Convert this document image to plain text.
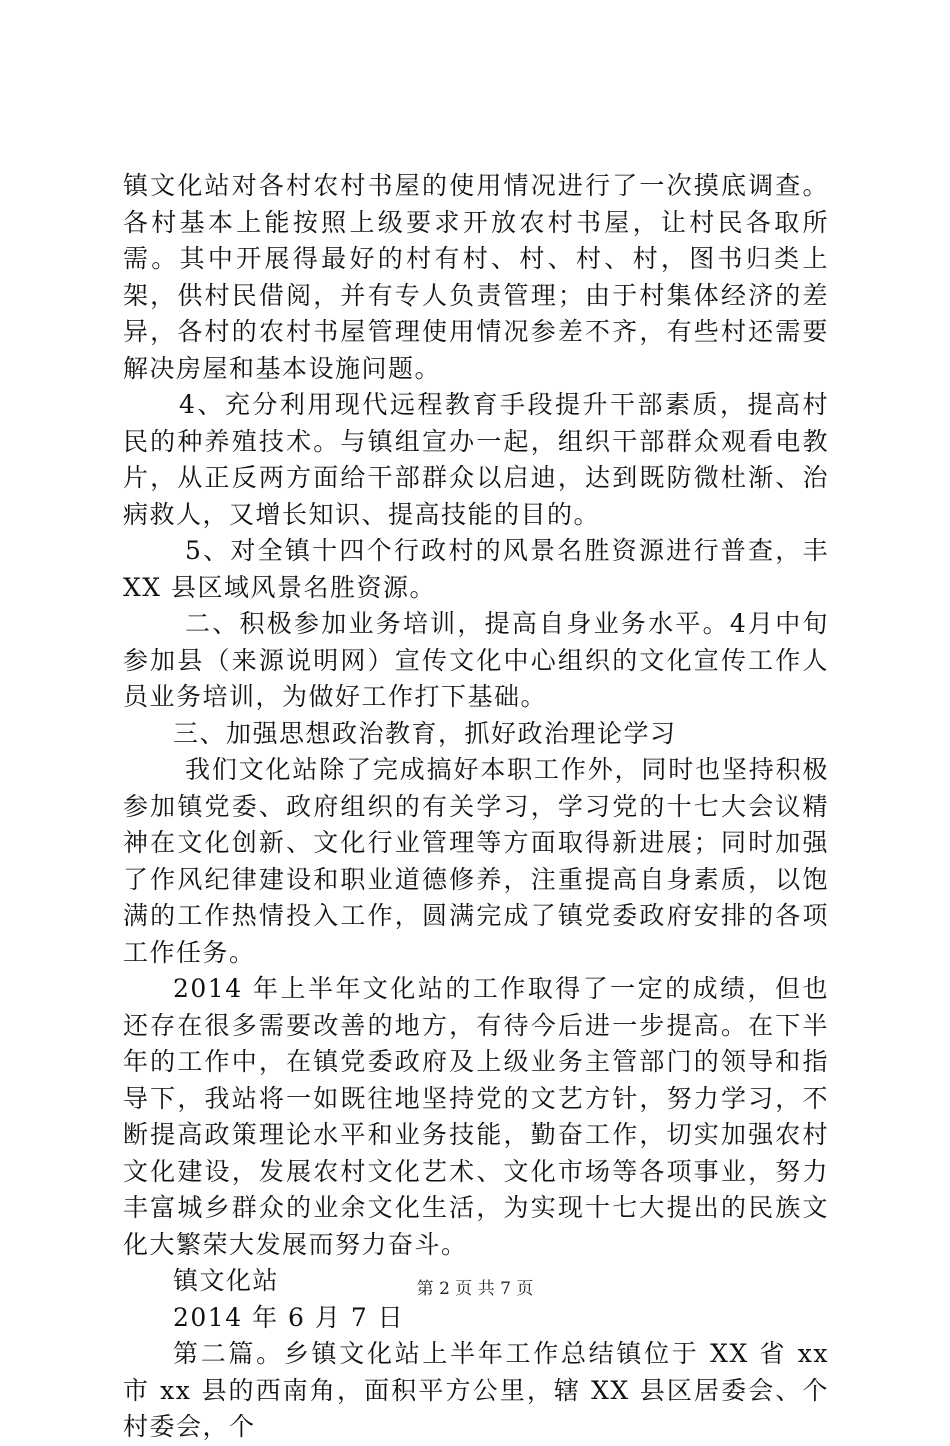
镇文化站对各村农村书屋的使用情况进行了一次摸底调查。各村基本上能按照上级要求开放农村书屋，让村民各取所需。其中开展得最好的村有村、村、村、村，图书归类上架，供村民借阅，并有专人负责管理；由于村集体经济的差异，各村的农村书屋管理使用情况参差不齐，有些村还需要解决房屋和基本设施问题。

4、充分利用现代远程教育手段提升干部素质，提高村民的种养殖技术。与镇组宣办一起，组织干部群众观看电教片，从正反两方面给干部群众以启迪，达到既防微杜渐、治病救人，又增长知识、提高技能的目的。

5、对全镇十四个行政村的风景名胜资源进行普查，丰 XX 县区域风景名胜资源。

二、积极参加业务培训，提高自身业务水平。4月中旬参加县（来源说明网）宣传文化中心组织的文化宣传工作人员业务培训，为做好工作打下基础。

三、加强思想政治教育，抓好政治理论学习

我们文化站除了完成搞好本职工作外，同时也坚持积极参加镇党委、政府组织的有关学习，学习党的十七大会议精神在文化创新、文化行业管理等方面取得新进展；同时加强了作风纪律建设和职业道德修养，注重提高自身素质，以饱满的工作热情投入工作，圆满完成了镇党委政府安排的各项工作任务。

2014 年上半年文化站的工作取得了一定的成绩，但也还存在很多需要改善的地方，有待今后进一步提高。在下半年的工作中，在镇党委政府及上级业务主管部门的领导和指导下，我站将一如既往地坚持党的文艺方针，努力学习，不断提高政策理论水平和业务技能，勤奋工作，切实加强农村文化建设，发展农村文化艺术、文化市场等各项事业，努力丰富城乡群众的业余文化生活，为实现十七大提出的民族文化大繁荣大发展而努力奋斗。

镇文化站

2014 年 6 月 7 日

第二篇。乡镇文化站上半年工作总结镇位于 XX 省 xx 市 xx 县的西南角，面积平方公里，辖 XX 县区居委会、个村委会，个

第 2 页 共 7 页
